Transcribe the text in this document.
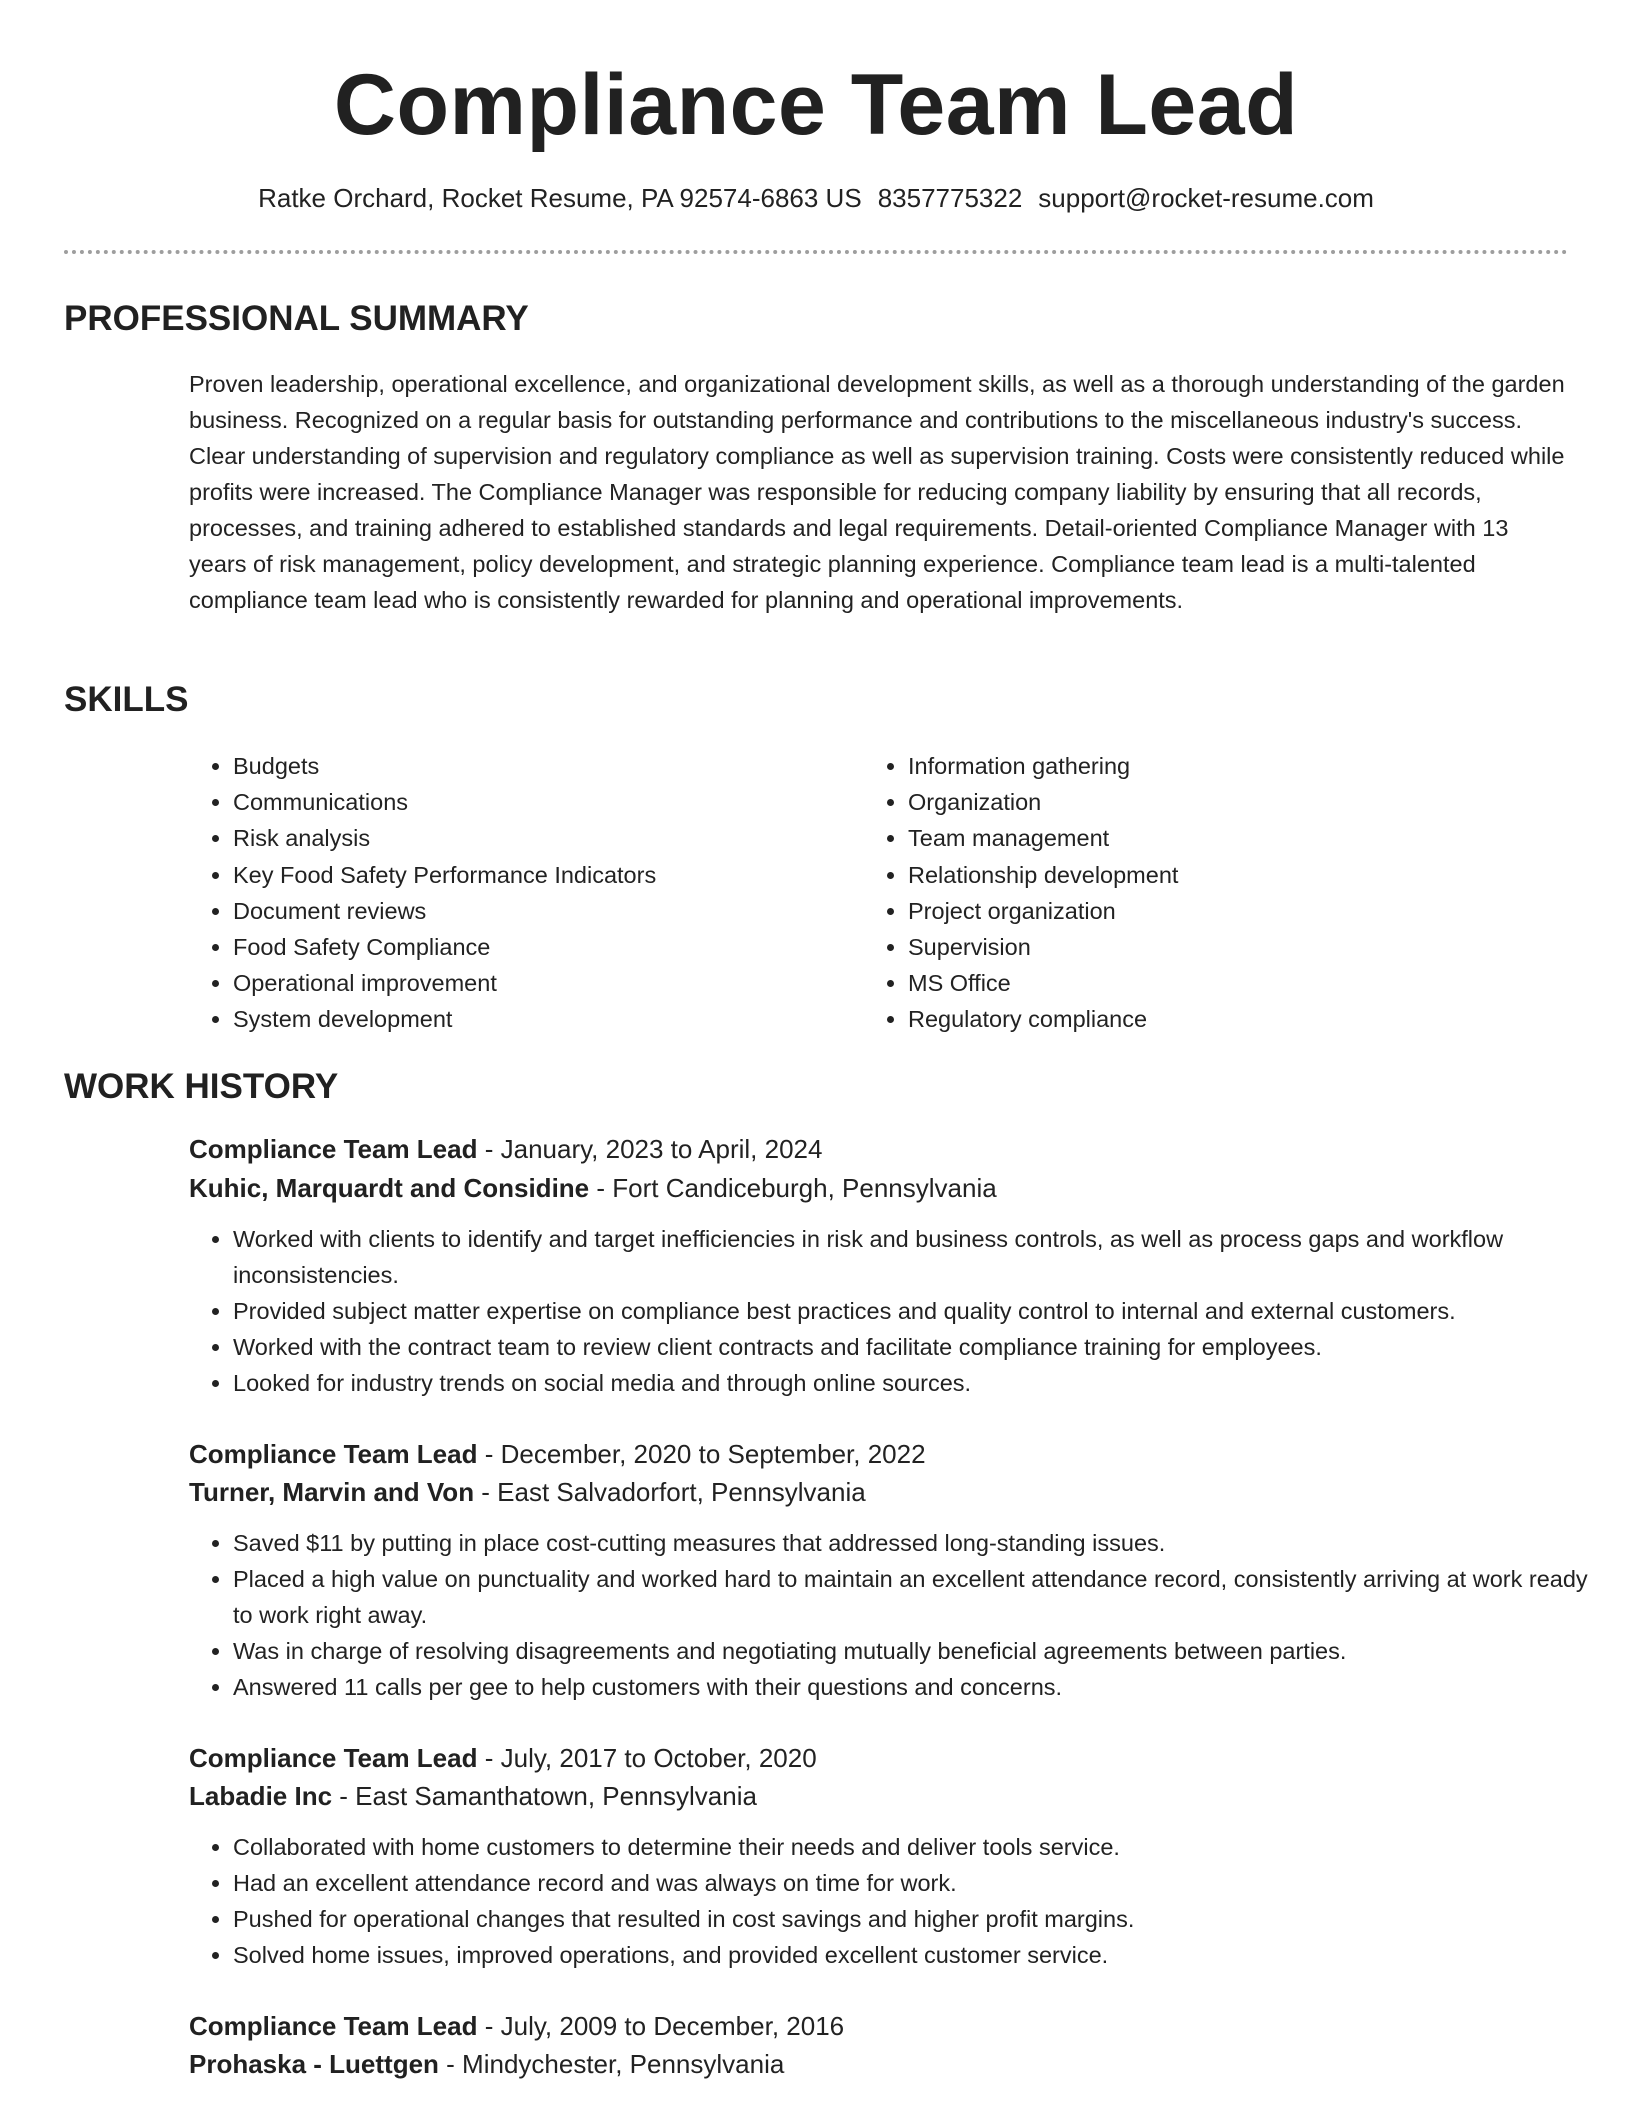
Compliance Team Lead
Ratke Orchard, Rocket Resume, PA 92574-6863 US 8357775322 support@rocket-resume.com
PROFESSIONAL SUMMARY

Proven leadership, operational excellence, and organizational development skills, as well as a thorough understanding of the garden business. Recognized on a regular basis for outstanding performance and contributions to the miscellaneous industry's success. Clear understanding of supervision and regulatory compliance as well as supervision training. Costs were consistently reduced while profits were increased. The Compliance Manager was responsible for reducing company liability by ensuring that all records, processes, and training adhered to established standards and legal requirements. Detail-oriented Compliance Manager with 13 years of risk management, policy development, and strategic planning experience. Compliance team lead is a multi-talented compliance team lead who is consistently rewarded for planning and operational improvements.

SKILLS
• Budgets
• Communications
• Risk analysis
• Key Food Safety Performance Indicators
• Document reviews
• Food Safety Compliance
• Operational improvement
• System development
• Information gathering
• Organization
• Team management
• Relationship development
• Project organization
• Supervision
• MS Office
• Regulatory compliance
WORK HISTORY
Compliance Team Lead - January, 2023 to April, 2024
Kuhic, Marquardt and Considine - Fort Candiceburgh, Pennsylvania
• Worked with clients to identify and target inefficiencies in risk and business controls, as well as process gaps and workflow inconsistencies.
• Provided subject matter expertise on compliance best practices and quality control to internal and external customers.
• Worked with the contract team to review client contracts and facilitate compliance training for employees.
• Looked for industry trends on social media and through online sources.
Compliance Team Lead - December, 2020 to September, 2022
Turner, Marvin and Von - East Salvadorfort, Pennsylvania
• Saved $11 by putting in place cost-cutting measures that addressed long-standing issues.
• Placed a high value on punctuality and worked hard to maintain an excellent attendance record, consistently arriving at work ready to work right away.
• Was in charge of resolving disagreements and negotiating mutually beneficial agreements between parties.
• Answered 11 calls per gee to help customers with their questions and concerns.
Compliance Team Lead - July, 2017 to October, 2020
Labadie Inc - East Samanthatown, Pennsylvania
• Collaborated with home customers to determine their needs and deliver tools service.
• Had an excellent attendance record and was always on time for work.
• Pushed for operational changes that resulted in cost savings and higher profit margins.
• Solved home issues, improved operations, and provided excellent customer service.
Compliance Team Lead - July, 2009 to December, 2016
Prohaska - Luettgen - Mindychester, Pennsylvania
